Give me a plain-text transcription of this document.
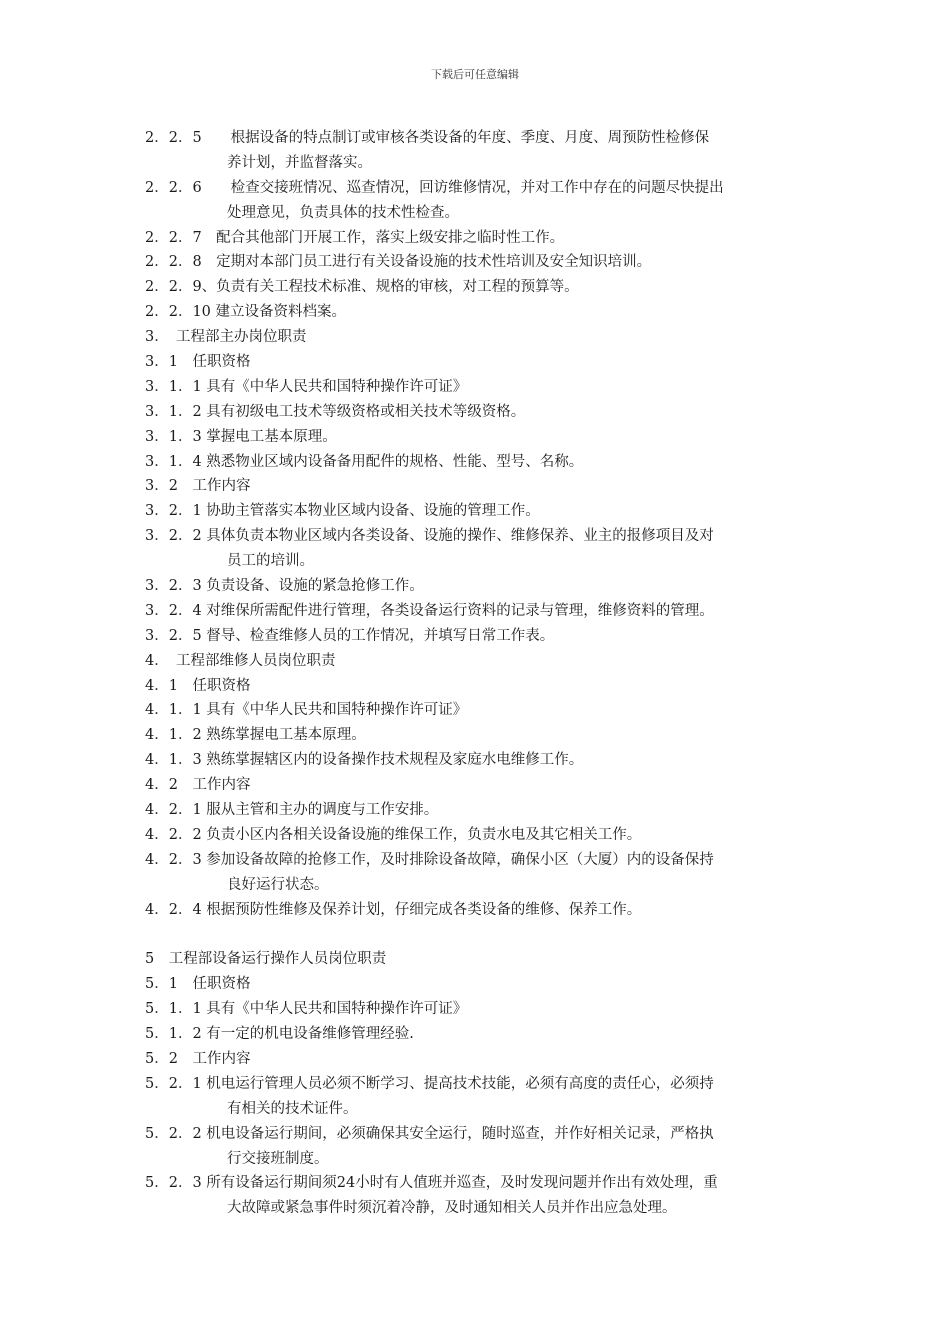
下载后可任意编辑
2．2．5　　根据设备的特点制订或审核各类设备的年度、季度、月度、周预防性检修保
养计划，并监督落实。
2．2．6　　检查交接班情况、巡查情况，回访维修情况，并对工作中存在的问题尽快提出
处理意见，负责具体的技术性检查。
2．2．7　配合其他部门开展工作，落实上级安排之临时性工作。
2．2．8　定期对本部门员工进行有关设备设施的技术性培训及安全知识培训。
2．2．9、负责有关工程技术标准、规格的审核，对工程的预算等。
2．2．10 建立设备资料档案。
3．　工程部主办岗位职责
3．1　任职资格
3．1．1 具有《中华人民共和国特种操作许可证》
3．1．2 具有初级电工技术等级资格或相关技术等级资格。
3．1．3 掌握电工基本原理。
3．1．4 熟悉物业区域内设备备用配件的规格、性能、型号、名称。
3．2　工作内容
3．2．1 协助主管落实本物业区域内设备、设施的管理工作。
3．2．2 具体负责本物业区域内各类设备、设施的操作、维修保养、业主的报修项目及对
员工的培训。
3．2．3 负责设备、设施的紧急抢修工作。
3．2．4 对维保所需配件进行管理，各类设备运行资料的记录与管理，维修资料的管理。
3．2．5 督导、检查维修人员的工作情况，并填写日常工作表。
4．　工程部维修人员岗位职责
4．1　任职资格
4．1．1 具有《中华人民共和国特种操作许可证》
4．1．2 熟练掌握电工基本原理。
4．1．3 熟练掌握辖区内的设备操作技术规程及家庭水电维修工作。
4．2　工作内容
4．2．1 服从主管和主办的调度与工作安排。
4．2．2 负责小区内各相关设备设施的维保工作，负责水电及其它相关工作。
4．2．3 参加设备故障的抢修工作，及时排除设备故障，确保小区（大厦）内的设备保持
良好运行状态。
4．2．4 根据预防性维修及保养计划，仔细完成各类设备的维修、保养工作。
5　工程部设备运行操作人员岗位职责
5．1　任职资格
5．1．1 具有《中华人民共和国特种操作许可证》
5．1．2 有一定的机电设备维修管理经验.
5．2　工作内容
5．2．1 机电运行管理人员必须不断学习、提高技术技能，必须有高度的责任心，必须持
有相关的技术证件。
5．2．2 机电设备运行期间，必须确保其安全运行，随时巡查，并作好相关记录，严格执
行交接班制度。
5．2．3 所有设备运行期间须24小时有人值班并巡查，及时发现问题并作出有效处理，重
大故障或紧急事件时须沉着冷静，及时通知相关人员并作出应急处理。
